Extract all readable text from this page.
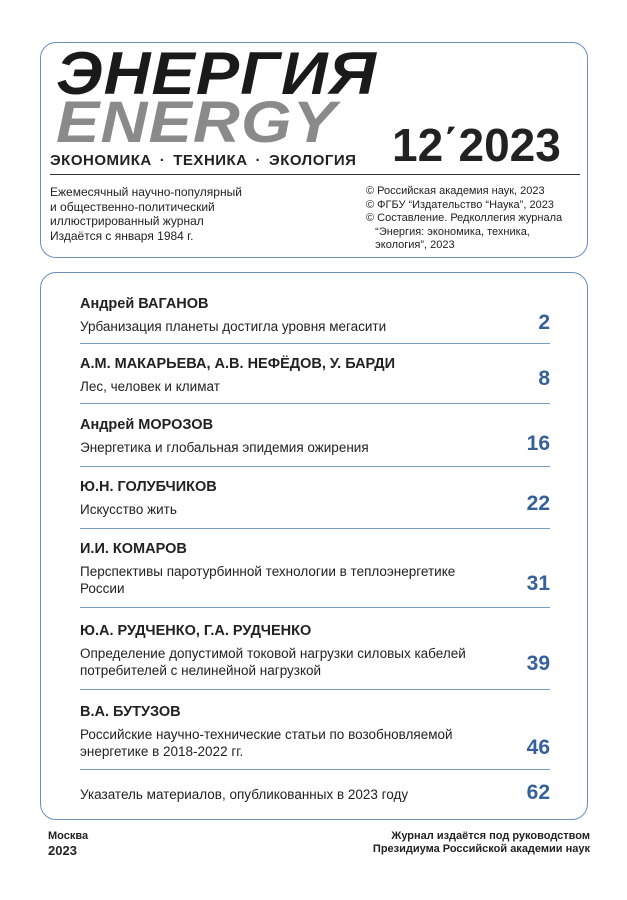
ЭНЕРГИЯ
ENERGY
ЭКОНОМИКА · ТЕХНИКА · ЭКОЛОГИЯ 12΄2023
Ежемесячный научно-популярный
и общественно-политический
иллюстрированный журнал
Издаётся с января 1984 г.
© Российская академия наук, 2023
© ФГБУ “Издательство “Наука”, 2023
© Составление. Редколлегия журнала
“Энергия: экономика, техника,
экология”, 2023
Андрей ВАГАНОВ
Урбанизация планеты достигла уровня мегасити	2
А.М. МАКАРЬЕВА, А.В. НЕФЁДОВ, У. БАРДИ
Лес, человек и климат	8
Андрей МОРОЗОВ
Энергетика и глобальная эпидемия ожирения	16
Ю.Н. ГОЛУБЧИКОВ
Искусство жить	22
И.И. КОМАРОВ
Перспективы паротурбинной технологии в теплоэнергетике России	31
Ю.А. РУДЧЕНКО, Г.А. РУДЧЕНКО
Определение допустимой токовой нагрузки силовых кабелей потребителей с нелинейной нагрузкой	39
В.А. БУТУЗОВ
Российские научно-технические статьи по возобновляемой энергетике в 2018-2022 гг.	46
Указатель материалов, опубликованных в 2023 году	62
Москва
2023
Журнал издаётся под руководством
Президиума Российской академии наук
